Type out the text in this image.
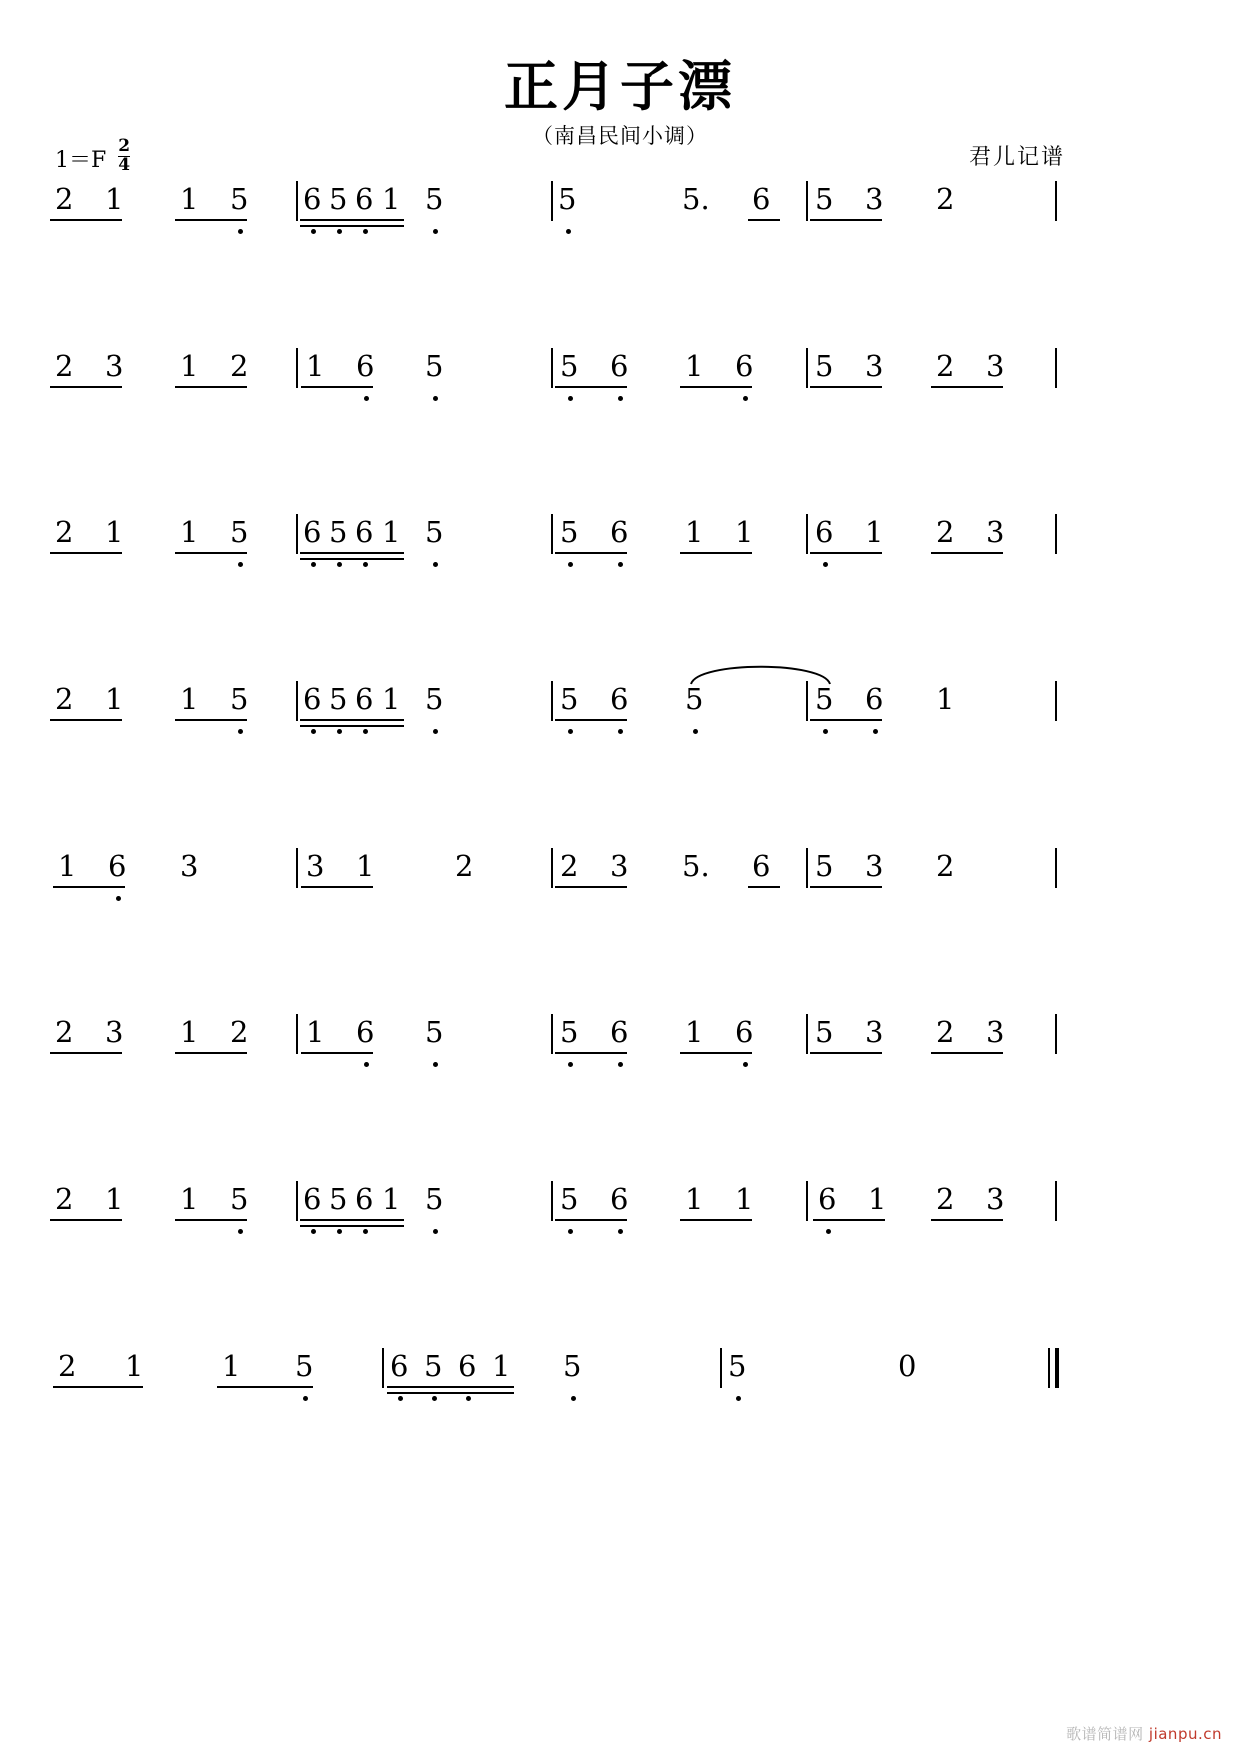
正月子漂
（南昌民间小调）
君儿记谱
$1=F \frac{2}{4}$
2 1 1 5 6 5 6 1 5	5	5. 6 5 3 2
2 3 1 2 1 6 5	5 6 1 6 5 3 2 3
2 1 1 5 6 5 6 1 5	5 6 1 1 6 1 2 3
2 1 1 5 6 5 6 1 5	5 6 5	5 6 1
1 6 3	3 1	2	2 3 5. 6 5 3 2
2 3 1 2 1 6 5	5 6 1 6 5 3 2 3
2 1 1 5 6 5 6 1 5	5 6 1 1 6 1 2 3
2 1	1 5	6 5 6 1 5	5	0
歌谱简谱网 jianpu.cn
